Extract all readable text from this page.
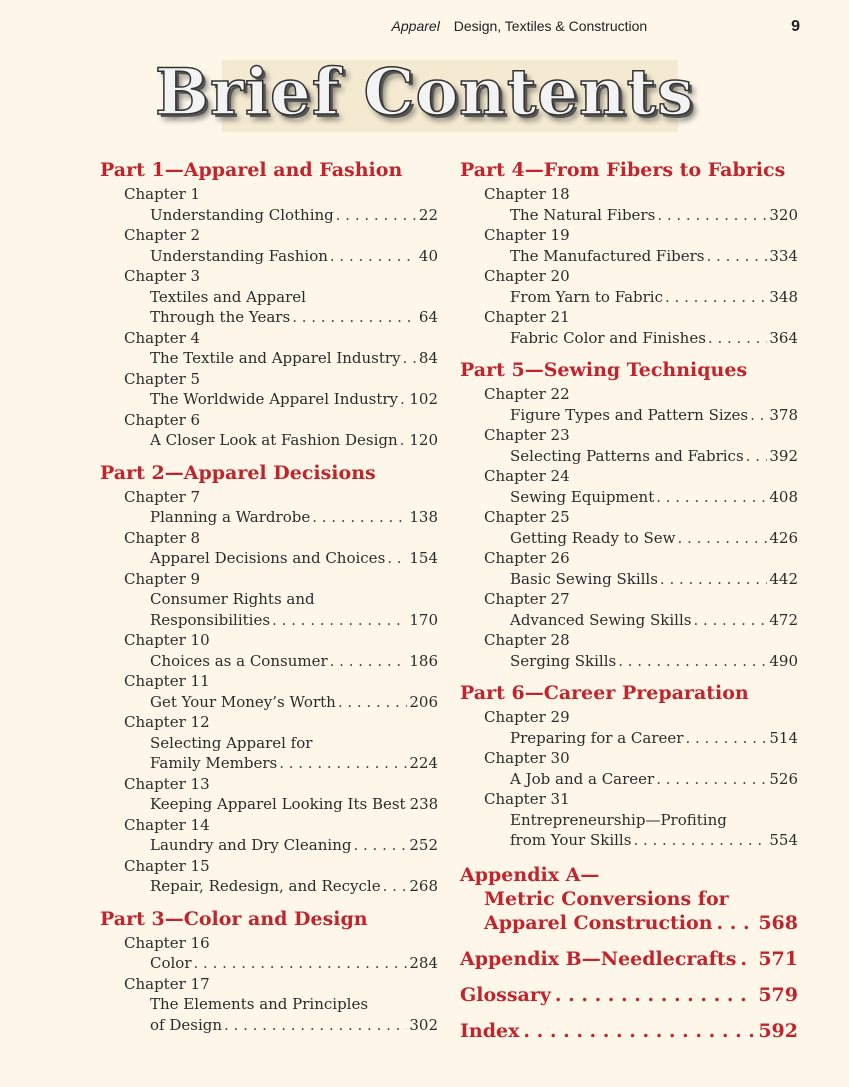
Apparel Design, Textiles & Construction	9
Brief Contents
Part 1—Apparel and Fashion
Chapter 1
Understanding Clothing . . .	22
Chapter 2
Understanding Fashion . . .	40
Chapter 3
Textiles and Apparel
Through the Years . . .	64
Chapter 4
The Textile and Apparel Industry . . . 84
Chapter 5
The Worldwide Apparel Industry . . . 102
Chapter 6
A Closer Look at Fashion Design . . . 120
Part 2—Apparel Decisions
Chapter 7
Planning a Wardrobe . . .	138
Chapter 8
Apparel Decisions and Choices . . . 154
Chapter 9
Consumer Rights and
Responsibilities . . .	170
Chapter 10
Choices as a Consumer . . .	186
Chapter 11
Get Your Money’s Worth . . .	206
Chapter 12
Selecting Apparel for
Family Members . . .	224
Chapter 13
Keeping Apparel Looking Its Best 238
Chapter 14
Laundry and Dry Cleaning . . .	252
Chapter 15
Repair, Redesign, and Recycle . . . 268
Part 3—Color and Design
Chapter 16
Color . . .	284
Chapter 17
The Elements and Principles
of Design . . .	302
Part 4—From Fibers to Fabrics
Chapter 18
The Natural Fibers . . .	320
Chapter 19
The Manufactured Fibers . . .	334
Chapter 20
From Yarn to Fabric . . .	348
Chapter 21
Fabric Color and Finishes . . .	364
Part 5—Sewing Techniques
Chapter 22
Figure Types and Pattern Sizes . . . 378
Chapter 23
Selecting Patterns and Fabrics . . . 392
Chapter 24
Sewing Equipment . . .	408
Chapter 25
Getting Ready to Sew . . .	426
Chapter 26
Basic Sewing Skills . . .	442
Chapter 27
Advanced Sewing Skills . . .	472
Chapter 28
Serging Skills . . .	490
Part 6—Career Preparation
Chapter 29
Preparing for a Career . . .	514
Chapter 30
A Job and a Career . . .	526
Chapter 31
Entrepreneurship—Profiting
from Your Skills . . .	554
Appendix A—
Metric Conversions for
Apparel Construction . . . 568
Appendix B—Needlecrafts . . . 571
Glossary . . .	579
Index . . .	592
